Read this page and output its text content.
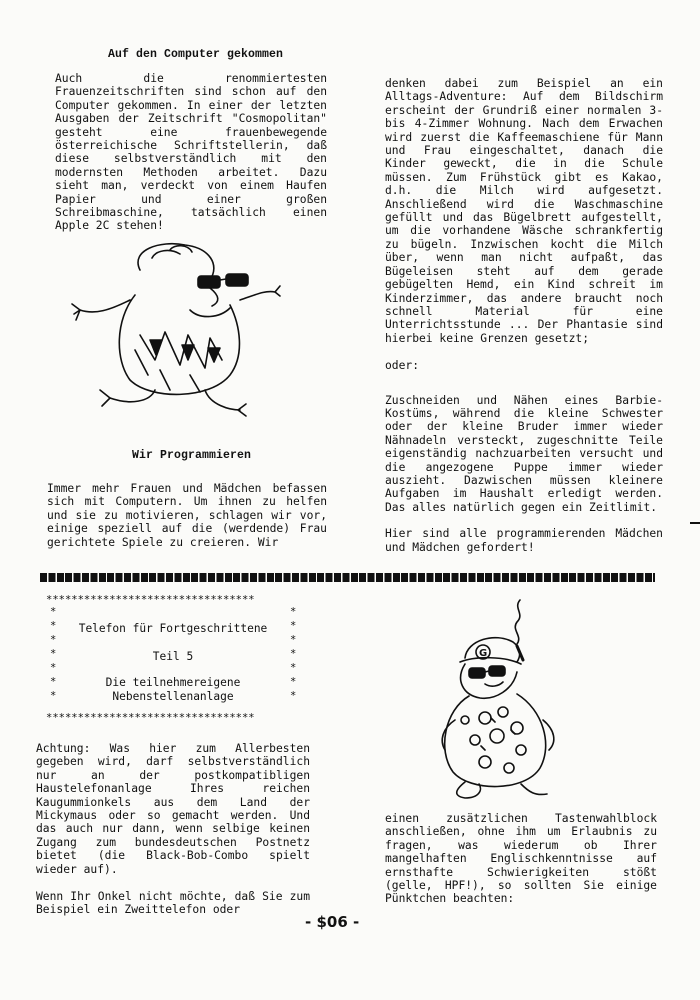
Auf den Computer gekommen

Auch die renommiertesten Frauenzeitschriften sind schon auf den Computer gekommen. In einer der letzten Ausgaben der Zeitschrift "Cosmopolitan" gesteht eine frauenbewegende österreichische Schriftstellerin, daß diese selbstverständlich mit den modernsten Methoden arbeitet. Dazu sieht man, verdeckt von einem Haufen Papier und einer großen Schreibmaschine, tatsächlich einen Apple 2C stehen!

Wir Programmieren

Immer mehr Frauen und Mädchen befassen sich mit Computern. Um ihnen zu helfen und sie zu motivieren, schlagen wir vor, einige speziell auf die (werdende) Frau gerichtete Spiele zu creieren. Wir

denken dabei zum Beispiel an ein Alltags-Adventure: Auf dem Bildschirm erscheint der Grundriß einer normalen 3- bis 4-Zimmer Wohnung. Nach dem Erwachen wird zuerst die Kaffeemaschiene für Mann und Frau eingeschaltet, danach die Kinder geweckt, die in die Schule müssen. Zum Frühstück gibt es Kakao, d.h. die Milch wird aufgesetzt. Anschließend wird die Waschmaschine gefüllt und das Bügelbrett aufgestellt, um die vorhandene Wäsche schrankfertig zu bügeln. Inzwischen kocht die Milch über, wenn man nicht aufpaßt, das Bügeleisen steht auf dem gerade gebügelten Hemd, ein Kind schreit im Kinderzimmer, das andere braucht noch schnell Material für eine Unterrichtsstunde ... Der Phantasie sind hierbei keine Grenzen gesetzt;

oder:

Zuschneiden und Nähen eines Barbie-Kostüms, während die kleine Schwester oder der kleine Bruder immer wieder Nähnadeln versteckt, zugeschnitte Teile eigenständig nachzuarbeiten versucht und die angezogene Puppe immer wieder auszieht. Dazwischen müssen kleinere Aufgaben im Haushalt erledigt werden. Das alles natürlich gegen ein Zeitlimit.

Hier sind alle programmierenden Mädchen und Mädchen gefordert!

*********************************
*********************************
*
*
*
*
*
*
*
*
*
*
*
*
*
*
Telefon für Fortgeschrittene
Teil 5
Die teilnehmereigene
Nebenstellenanlage

Achtung: Was hier zum Allerbesten gegeben wird, darf selbstverständlich nur an der postkompatibligen Haustelefonanlage Ihres reichen Kaugummionkels aus dem Land der Mickymaus oder so gemacht werden. Und das auch nur dann, wenn selbige keinen Zugang zum bundesdeutschen Postnetz bietet (die Black-Bob-Combo spielt wieder auf).

Wenn Ihr Onkel nicht möchte, daß Sie zum Beispiel ein Zweittelefon oder

einen zusätzlichen Tastenwahlblock anschließen, ohne ihm um Erlaubnis zu fragen, was wiederum ob Ihrer mangelhaften Englischkenntnisse auf ernsthafte Schwierigkeiten stößt (gelle, HPF!), so sollten Sie einige Pünktchen beachten:

G
- $06 -
